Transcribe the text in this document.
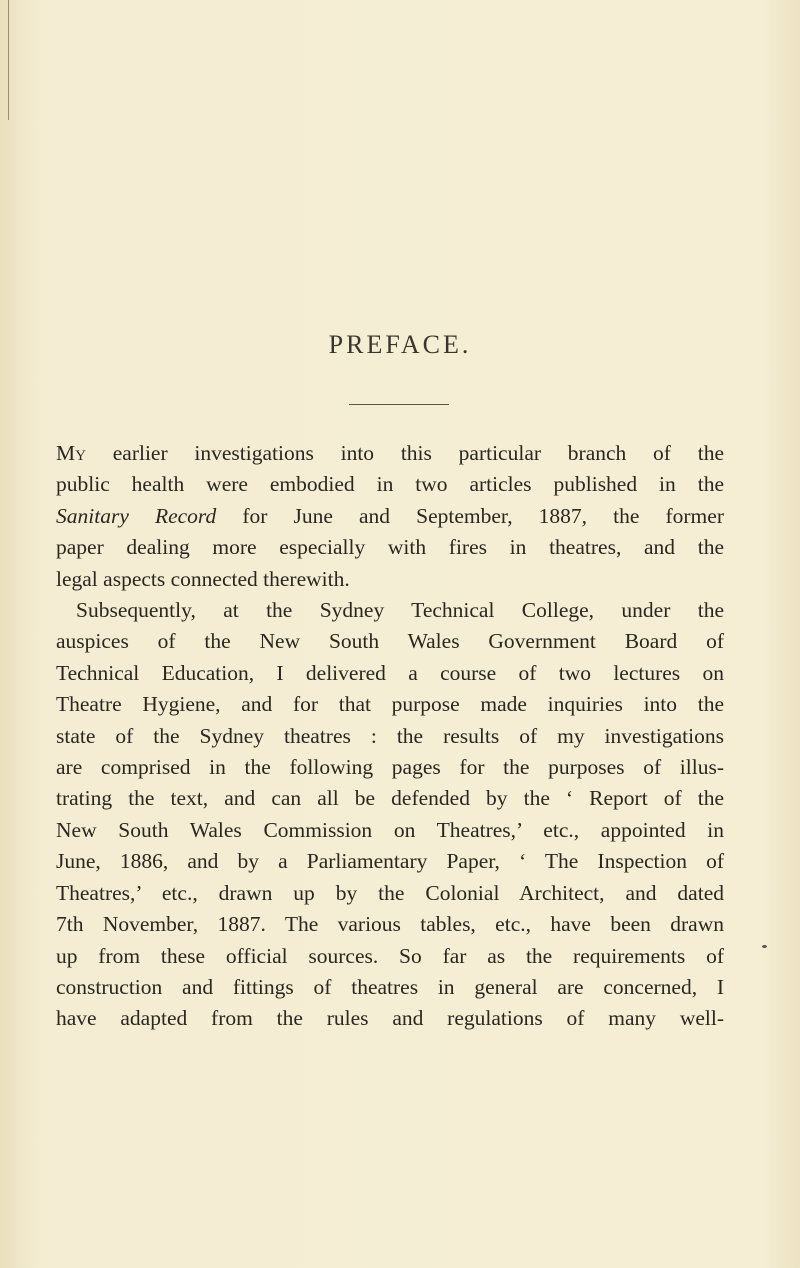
PREFACE.
My earlier investigations into this particular branch of the
public health were embodied in two articles published in the
Sanitary Record for June and September, 1887, the former
paper dealing more especially with fires in theatres, and the
legal aspects connected therewith.
Subsequently, at the Sydney Technical College, under the
auspices of the New South Wales Government Board of
Technical Education, I delivered a course of two lectures on
Theatre Hygiene, and for that purpose made inquiries into the
state of the Sydney theatres : the results of my investigations
are comprised in the following pages for the purposes of illus-
trating the text, and can all be defended by the ‘ Report of the
New South Wales Commission on Theatres,’ etc., appointed in
June, 1886, and by a Parliamentary Paper, ‘ The Inspection of
Theatres,’ etc., drawn up by the Colonial Architect, and dated
7th November, 1887. The various tables, etc., have been drawn
up from these official sources. So far as the requirements of
construction and fittings of theatres in general are concerned, I
have adapted from the rules and regulations of many well-
